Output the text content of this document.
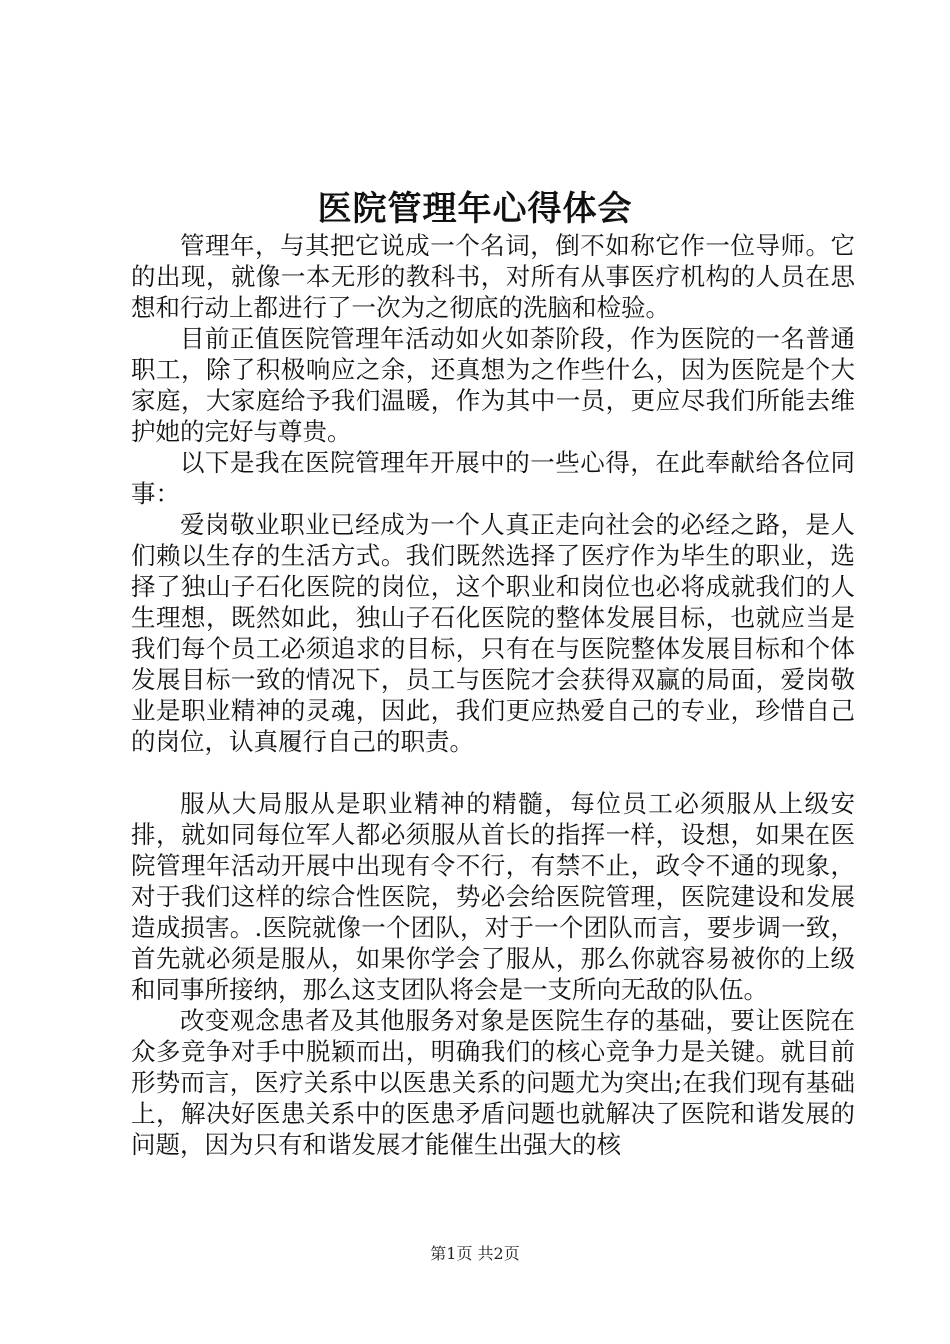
医院管理年心得体会

管理年，与其把它说成一个名词，倒不如称它作一位导师。它的出现，就像一本无形的教科书，对所有从事医疗机构的人员在思想和行动上都进行了一次为之彻底的洗脑和检验。

目前正值医院管理年活动如火如荼阶段，作为医院的一名普通职工，除了积极响应之余，还真想为之作些什么，因为医院是个大家庭，大家庭给予我们温暖，作为其中一员，更应尽我们所能去维护她的完好与尊贵。

以下是我在医院管理年开展中的一些心得，在此奉献给各位同事：

爱岗敬业职业已经成为一个人真正走向社会的必经之路，是人们赖以生存的生活方式。我们既然选择了医疗作为毕生的职业，选择了独山子石化医院的岗位，这个职业和岗位也必将成就我们的人生理想，既然如此，独山子石化医院的整体发展目标，也就应当是我们每个员工必须追求的目标，只有在与医院整体发展目标和个体发展目标一致的情况下，员工与医院才会获得双赢的局面，爱岗敬业是职业精神的灵魂，因此，我们更应热爱自己的专业，珍惜自己的岗位，认真履行自己的职责。

服从大局服从是职业精神的精髓，每位员工必须服从上级安排，就如同每位军人都必须服从首长的指挥一样，设想，如果在医院管理年活动开展中出现有令不行，有禁不止，政令不通的现象，对于我们这样的综合性医院，势必会给医院管理，医院建设和发展造成损害。.医院就像一个团队，对于一个团队而言，要步调一致，首先就必须是服从，如果你学会了服从，那么你就容易被你的上级和同事所接纳，那么这支团队将会是一支所向无敌的队伍。

改变观念患者及其他服务对象是医院生存的基础，要让医院在众多竞争对手中脱颖而出，明确我们的核心竞争力是关键。就目前形势而言，医疗关系中以医患关系的问题尤为突出;在我们现有基础上，解决好医患关系中的医患矛盾问题也就解决了医院和谐发展的问题，因为只有和谐发展才能催生出强大的核

第1页 共2页
